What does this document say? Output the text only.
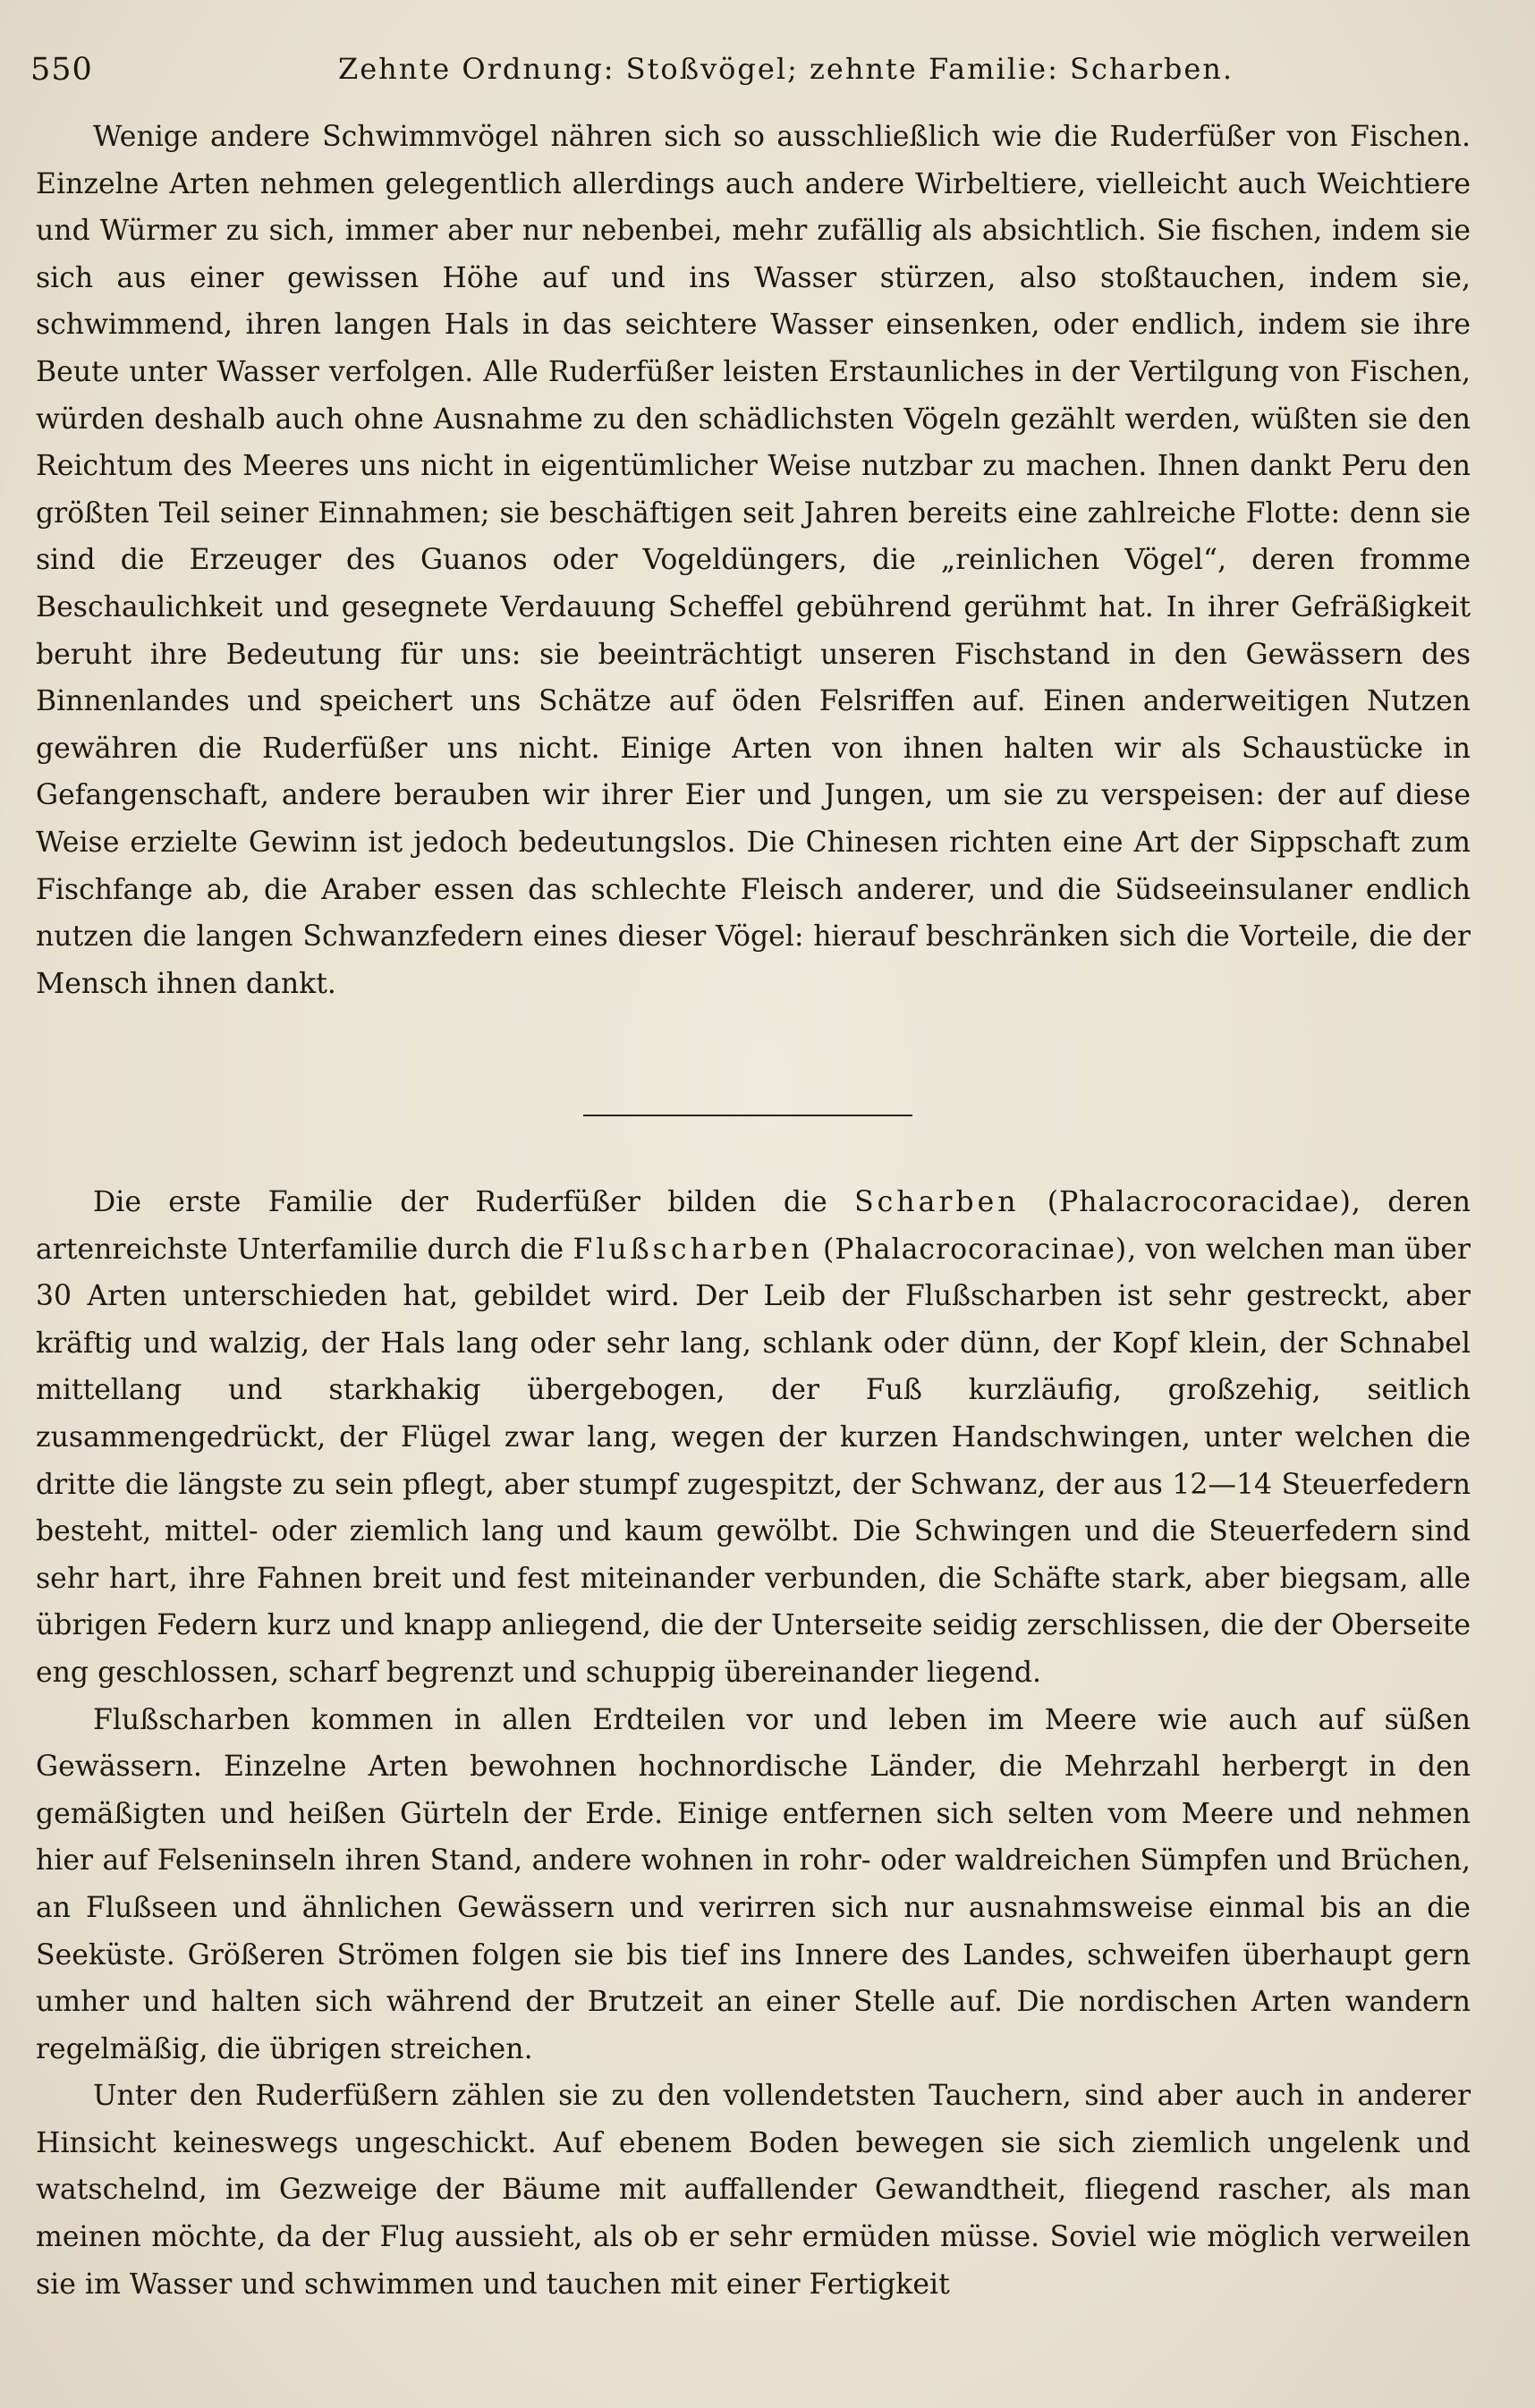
550	Zehnte Ordnung: Stoßvögel; zehnte Familie: Scharben.

Wenige andere Schwimmvögel nähren sich so ausschließlich wie die Ruderfüßer von Fischen. Einzelne Arten nehmen gelegentlich allerdings auch andere Wirbeltiere, vielleicht auch Weichtiere und Würmer zu sich, immer aber nur nebenbei, mehr zufällig als absichtlich. Sie fischen, indem sie sich aus einer gewissen Höhe auf und ins Wasser stürzen, also stoßtauchen, indem sie, schwimmend, ihren langen Hals in das seichtere Wasser einsenken, oder endlich, indem sie ihre Beute unter Wasser verfolgen. Alle Ruderfüßer leisten Erstaunliches in der Vertilgung von Fischen, würden deshalb auch ohne Ausnahme zu den schädlichsten Vögeln gezählt werden, wüßten sie den Reichtum des Meeres uns nicht in eigentümlicher Weise nutzbar zu machen. Ihnen dankt Peru den größten Teil seiner Einnahmen; sie beschäftigen seit Jahren bereits eine zahlreiche Flotte: denn sie sind die Erzeuger des Guanos oder Vogeldüngers, die „reinlichen Vögel“, deren fromme Beschaulichkeit und gesegnete Verdauung Scheffel gebührend gerühmt hat. In ihrer Gefräßigkeit beruht ihre Bedeutung für uns: sie beeinträchtigt unseren Fischstand in den Gewässern des Binnenlandes und speichert uns Schätze auf öden Felsriffen auf. Einen anderweitigen Nutzen gewähren die Ruderfüßer uns nicht. Einige Arten von ihnen halten wir als Schaustücke in Gefangenschaft, andere berauben wir ihrer Eier und Jungen, um sie zu verspeisen: der auf diese Weise erzielte Gewinn ist jedoch bedeutungslos. Die Chinesen richten eine Art der Sippschaft zum Fischfange ab, die Araber essen das schlechte Fleisch anderer, und die Südseeinsulaner endlich nutzen die langen Schwanzfedern eines dieser Vögel: hierauf beschränken sich die Vorteile, die der Mensch ihnen dankt.

Die erste Familie der Ruderfüßer bilden die Scharben (Phalacrocoracidae), deren artenreichste Unterfamilie durch die Flußscharben (Phalacrocoracinae), von welchen man über 30 Arten unterschieden hat, gebildet wird. Der Leib der Flußscharben ist sehr gestreckt, aber kräftig und walzig, der Hals lang oder sehr lang, schlank oder dünn, der Kopf klein, der Schnabel mittellang und starkhakig übergebogen, der Fuß kurzläufig, großzehig, seitlich zusammengedrückt, der Flügel zwar lang, wegen der kurzen Handschwingen, unter welchen die dritte die längste zu sein pflegt, aber stumpf zugespitzt, der Schwanz, der aus 12—14 Steuerfedern besteht, mittel- oder ziemlich lang und kaum gewölbt. Die Schwingen und die Steuerfedern sind sehr hart, ihre Fahnen breit und fest miteinander verbunden, die Schäfte stark, aber biegsam, alle übrigen Federn kurz und knapp anliegend, die der Unterseite seidig zerschlissen, die der Oberseite eng geschlossen, scharf begrenzt und schuppig übereinander liegend.

Flußscharben kommen in allen Erdteilen vor und leben im Meere wie auch auf süßen Gewässern. Einzelne Arten bewohnen hochnordische Länder, die Mehrzahl herbergt in den gemäßigten und heißen Gürteln der Erde. Einige entfernen sich selten vom Meere und nehmen hier auf Felseninseln ihren Stand, andere wohnen in rohr- oder waldreichen Sümpfen und Brüchen, an Flußseen und ähnlichen Gewässern und verirren sich nur ausnahmsweise einmal bis an die Seeküste. Größeren Strömen folgen sie bis tief ins Innere des Landes, schweifen überhaupt gern umher und halten sich während der Brutzeit an einer Stelle auf. Die nordischen Arten wandern regelmäßig, die übrigen streichen.

Unter den Ruderfüßern zählen sie zu den vollendetsten Tauchern, sind aber auch in anderer Hinsicht keineswegs ungeschickt. Auf ebenem Boden bewegen sie sich ziemlich ungelenk und watschelnd, im Gezweige der Bäume mit auffallender Gewandtheit, fliegend rascher, als man meinen möchte, da der Flug aussieht, als ob er sehr ermüden müsse. Soviel wie möglich verweilen sie im Wasser und schwimmen und tauchen mit einer Fertigkeit
